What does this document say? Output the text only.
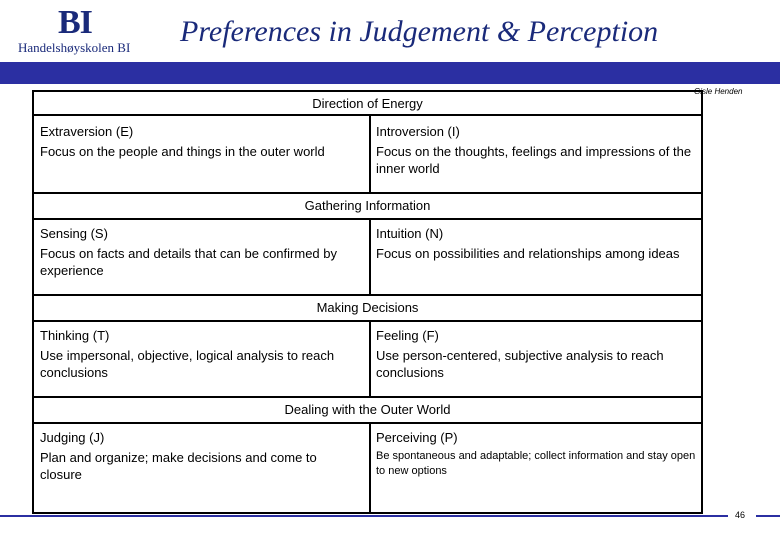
BI
Handelshøyskolen BI Preferences in Judgement & Perception
Gisle Henden
Direction of Energy
Extraversion (E)
Focus on the people and things in the outer world
Introversion (I)
Focus on the thoughts, feelings and impressions of the inner world
Gathering Information
Sensing (S)
Focus on facts and details that can be confirmed by experience
Intuition (N)
Focus on possibilities and relationships among ideas
Making Decisions
Thinking (T)
Use impersonal, objective, logical analysis to reach conclusions
Feeling (F)
Use person-centered, subjective analysis to reach conclusions
Dealing with the Outer World
Judging (J)
Plan and organize; make decisions and come to closure
Perceiving (P)
Be spontaneous and adaptable; collect information and stay open to new options
46
